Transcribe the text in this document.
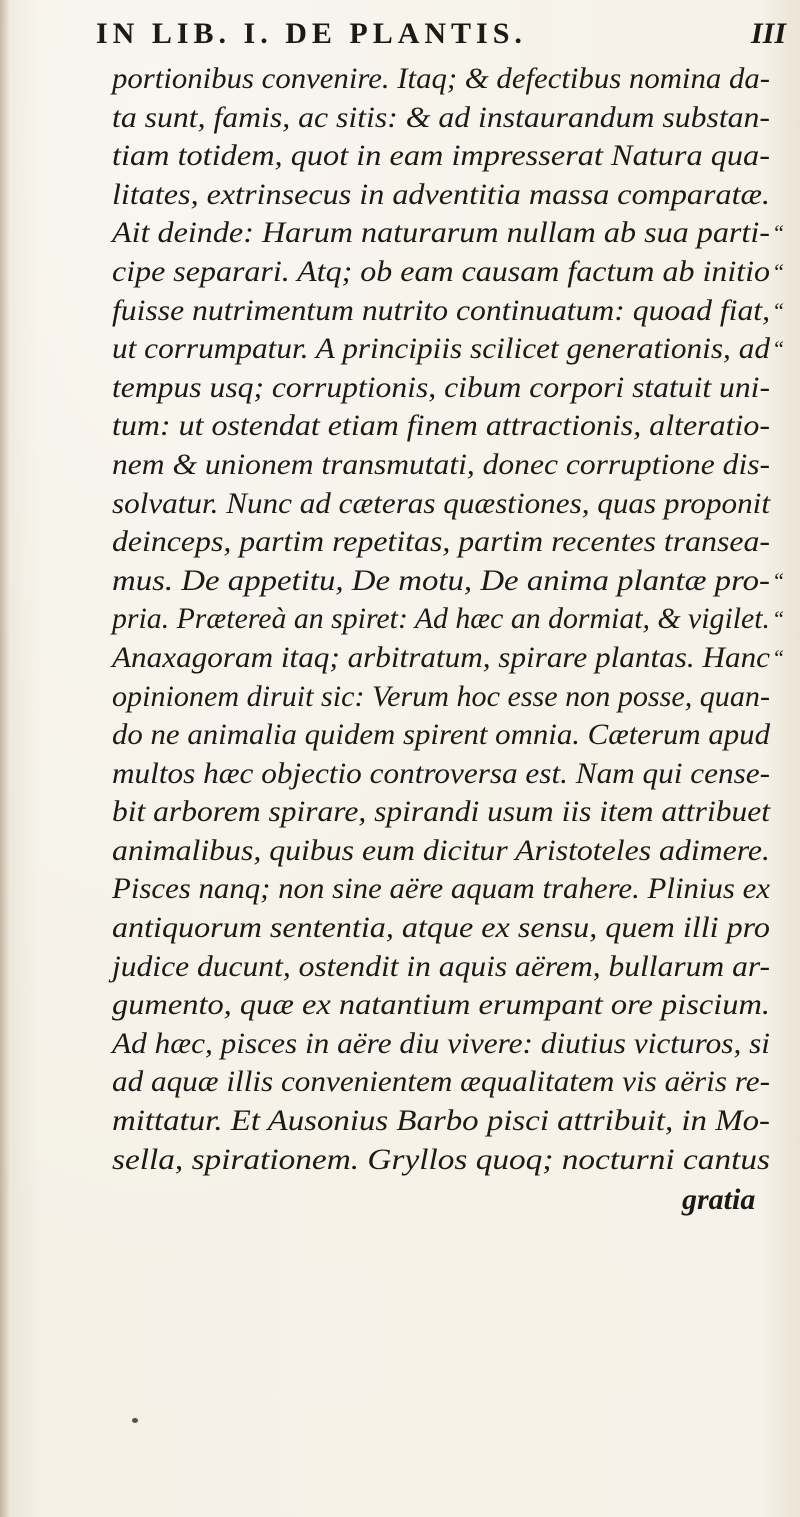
IN LIB. I. DE PLANTIS.	III
portionibus convenire. Itaq; & defectibus nomina da-
ta sunt, famis, ac sitis: & ad instaurandum substan-
tiam totidem, quot in eam impresserat Natura qua-
litates, extrinsecus in adventitia massa comparatæ.
Ait deinde: Harum naturarum nullam ab sua parti-
cipe separari. Atq; ob eam causam factum ab initio
fuisse nutrimentum nutrito continuatum: quoad fiat,
ut corrumpatur. A principiis scilicet generationis, ad
tempus usq; corruptionis, cibum corpori statuit uni-
tum: ut ostendat etiam finem attractionis, alteratio-
nem & unionem transmutati, donec corruptione dis-
solvatur. Nunc ad cæteras quæstiones, quas proponit
deinceps, partim repetitas, partim recentes transea-
mus. De appetitu, De motu, De anima plantæ pro-
pria. Prætereà an spiret: Ad hæc an dormiat, & vigilet.
Anaxagoram itaq; arbitratum, spirare plantas. Hanc
opinionem diruit sic: Verum hoc esse non posse, quan-
do ne animalia quidem spirent omnia. Cæterum apud
multos hæc objectio controversa est. Nam qui cense-
bit arborem spirare, spirandi usum iis item attribuet
animalibus, quibus eum dicitur Aristoteles adimere.
Pisces nanq; non sine aëre aquam trahere. Plinius ex
antiquorum sententia, atque ex sensu, quem illi pro
judice ducunt, ostendit in aquis aërem, bullarum ar-
gumento, quæ ex natantium erumpant ore piscium.
Ad hæc, pisces in aëre diu vivere: diutius victuros, si
ad aquæ illis convenientem æqualitatem vis aëris re-
mittatur. Et Ausonius Barbo pisci attribuit, in Mo-
sella, spirationem. Gryllos quoq; nocturni cantus
“
“
“
“
“
“
“
gratia
